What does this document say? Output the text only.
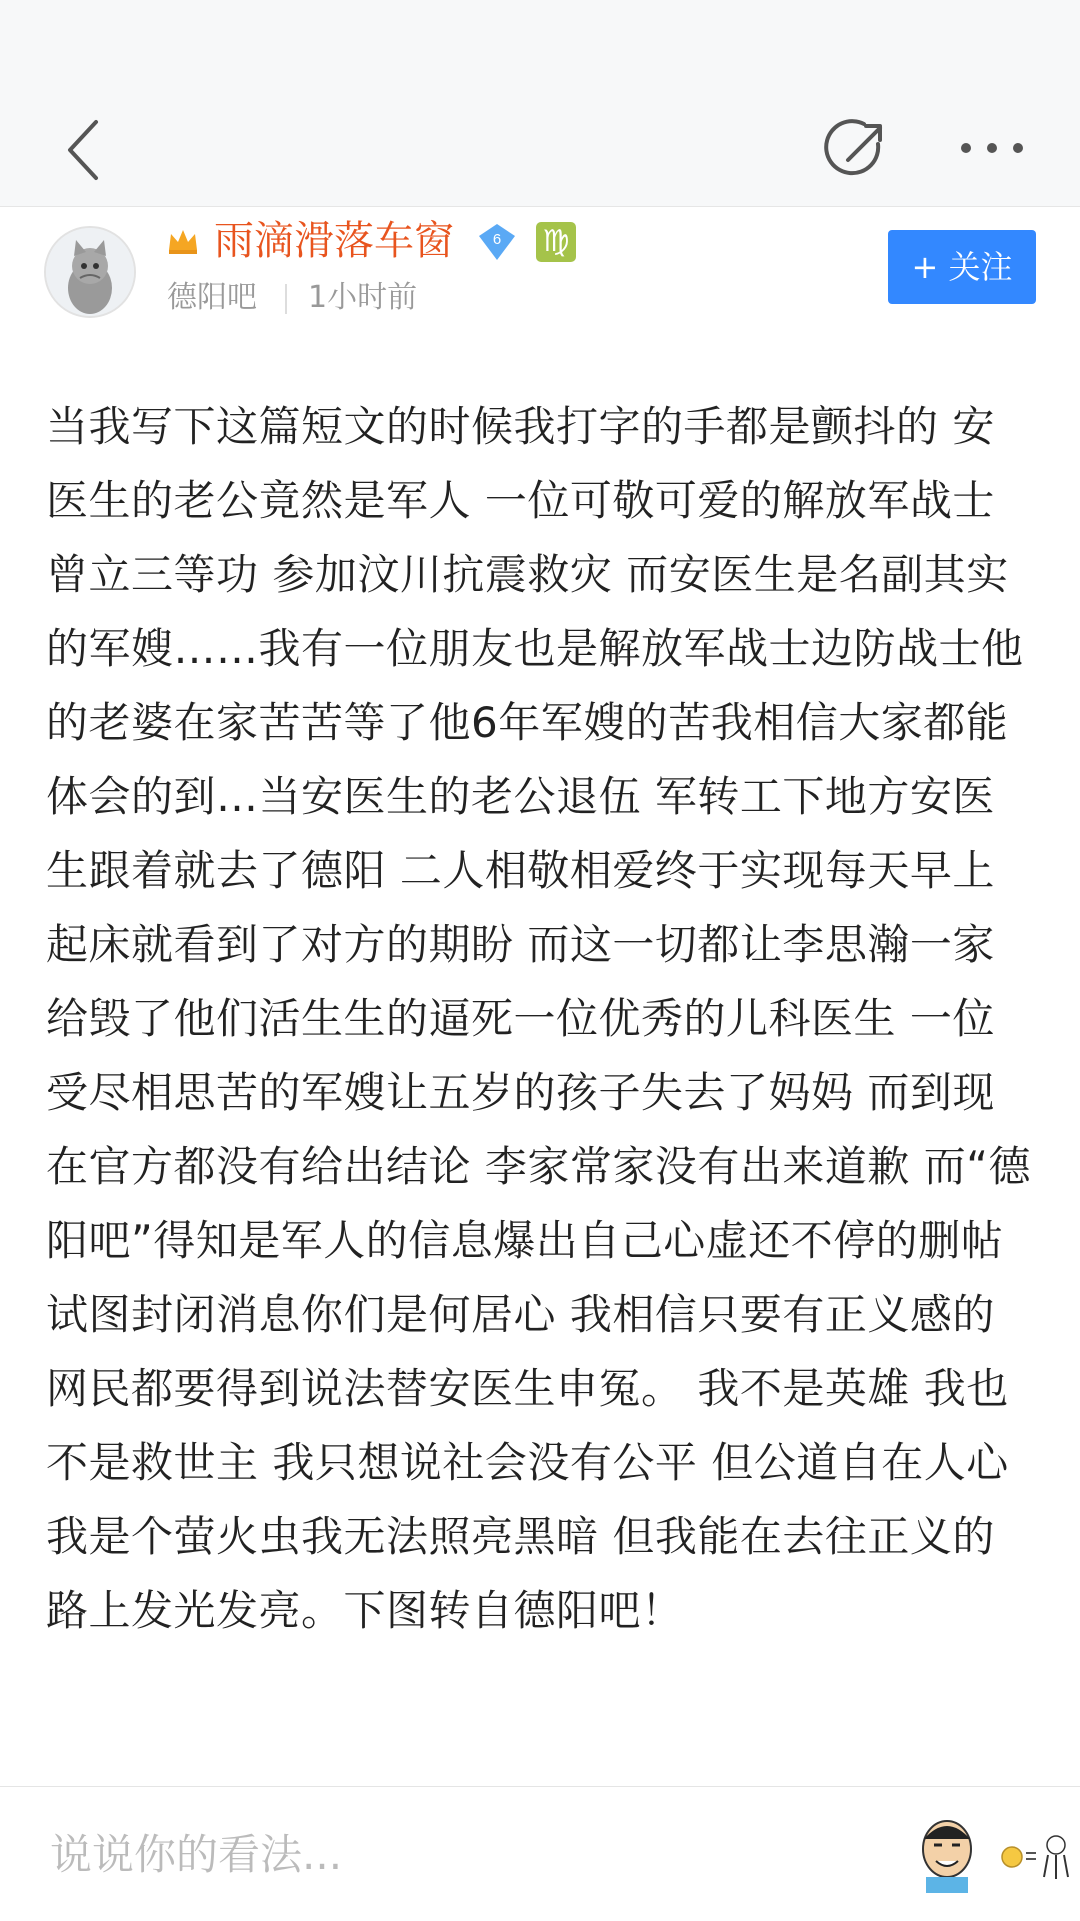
雨滴滑落车窗	6 ♍
德阳吧 1小时前
+ 关注
当我写下这篇短文的时候我打字的手都是颤抖的 安医生的老公竟然是军人 一位可敬可爱的解放军战士 曾立三等功 参加汶川抗震救灾 而安医生是名副其实的军嫂……我有一位朋友也是解放军战士边防战士他的老婆在家苦苦等了他6年军嫂的苦我相信大家都能体会的到…当安医生的老公退伍 军转工下地方安医生跟着就去了德阳 二人相敬相爱终于实现每天早上起床就看到了对方的期盼 而这一切都让李思瀚一家给毁了他们活生生的逼死一位优秀的儿科医生 一位受尽相思苦的军嫂让五岁的孩子失去了妈妈 而到现在官方都没有给出结论 李家常家没有出来道歉 而“德阳吧”得知是军人的信息爆出自己心虚还不停的删帖试图封闭消息你们是何居心 我相信只要有正义感的网民都要得到说法替安医生申冤。 我不是英雄 我也不是救世主 我只想说社会没有公平 但公道自在人心 我是个萤火虫我无法照亮黑暗 但我能在去往正义的路上发光发亮。下图转自德阳吧！
说说你的看法...
